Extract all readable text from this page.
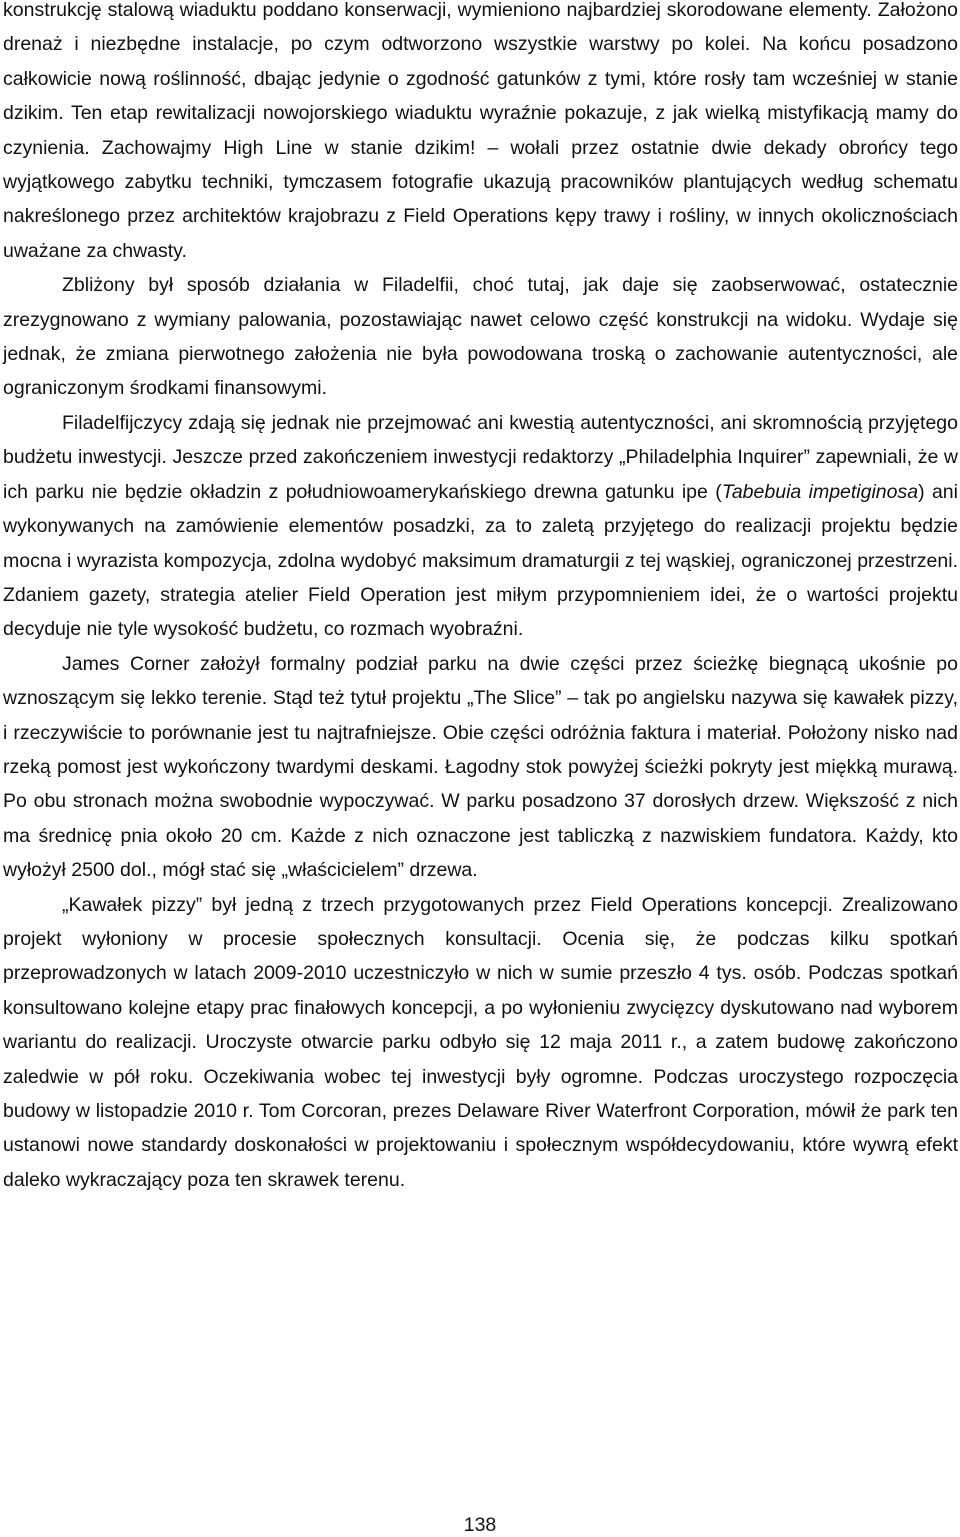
konstrukcję stalową wiaduktu poddano konserwacji, wymieniono najbardziej skorodowane elementy. Założono drenaż i niezbędne instalacje, po czym odtworzono wszystkie warstwy po kolei. Na końcu posadzono całkowicie nową roślinność, dbając jedynie o zgodność gatunków z tymi, które rosły tam wcześniej w stanie dzikim. Ten etap rewitalizacji nowojorskiego wiaduktu wyraźnie pokazuje, z jak wielką mistyfikacją mamy do czynienia. Zachowajmy High Line w stanie dzikim! – wołali przez ostatnie dwie dekady obrońcy tego wyjątkowego zabytku techniki, tymczasem fotografie ukazują pracowników plantujących według schematu nakreślonego przez architektów krajobrazu z Field Operations kępy trawy i rośliny, w innych okolicznościach uważane za chwasty.

Zbliżony był sposób działania w Filadelfii, choć tutaj, jak daje się zaobserwować, ostatecznie zrezygnowano z wymiany palowania, pozostawiając nawet celowo część konstrukcji na widoku. Wydaje się jednak, że zmiana pierwotnego założenia nie była powodowana troską o zachowanie autentyczności, ale ograniczonym środkami finansowymi.

Filadelfijczycy zdają się jednak nie przejmować ani kwestią autentyczności, ani skromnością przyjętego budżetu inwestycji. Jeszcze przed zakończeniem inwestycji redaktorzy „Philadelphia Inquirer” zapewniali, że w ich parku nie będzie okładzin z południowoamerykańskiego drewna gatunku ipe (Tabebuia impetiginosa) ani wykonywanych na zamówienie elementów posadzki, za to zaletą przyjętego do realizacji projektu będzie mocna i wyrazista kompozycja, zdolna wydobyć maksimum dramaturgii z tej wąskiej, ograniczonej przestrzeni. Zdaniem gazety, strategia atelier Field Operation jest miłym przypomnieniem idei, że o wartości projektu decyduje nie tyle wysokość budżetu, co rozmach wyobraźni.

James Corner założył formalny podział parku na dwie części przez ścieżkę biegnącą ukośnie po wznoszącym się lekko terenie. Stąd też tytuł projektu „The Slice” – tak po angielsku nazywa się kawałek pizzy, i rzeczywiście to porównanie jest tu najtrafniejsze. Obie części odróżnia faktura i materiał. Położony nisko nad rzeką pomost jest wykończony twardymi deskami. Łagodny stok powyżej ścieżki pokryty jest miękką murawą. Po obu stronach można swobodnie wypoczywać. W parku posadzono 37 dorosłych drzew. Większość z nich ma średnicę pnia około 20 cm. Każde z nich oznaczone jest tabliczką z nazwiskiem fundatora. Każdy, kto wyłożył 2500 dol., mógł stać się „właścicielem” drzewa.

„Kawałek pizzy” był jedną z trzech przygotowanych przez Field Operations koncepcji. Zrealizowano projekt wyłoniony w procesie społecznych konsultacji. Ocenia się, że podczas kilku spotkań przeprowadzonych w latach 2009-2010 uczestniczyło w nich w sumie przeszło 4 tys. osób. Podczas spotkań konsultowano kolejne etapy prac finałowych koncepcji, a po wyłonieniu zwycięzcy dyskutowano nad wyborem wariantu do realizacji. Uroczyste otwarcie parku odbyło się 12 maja 2011 r., a zatem budowę zakończono zaledwie w pół roku. Oczekiwania wobec tej inwestycji były ogromne. Podczas uroczystego rozpoczęcia budowy w listopadzie 2010 r. Tom Corcoran, prezes Delaware River Waterfront Corporation, mówił że park ten ustanowi nowe standardy doskonałości w projektowaniu i społecznym współdecydowaniu, które wywrą efekt daleko wykraczający poza ten skrawek terenu.

138
